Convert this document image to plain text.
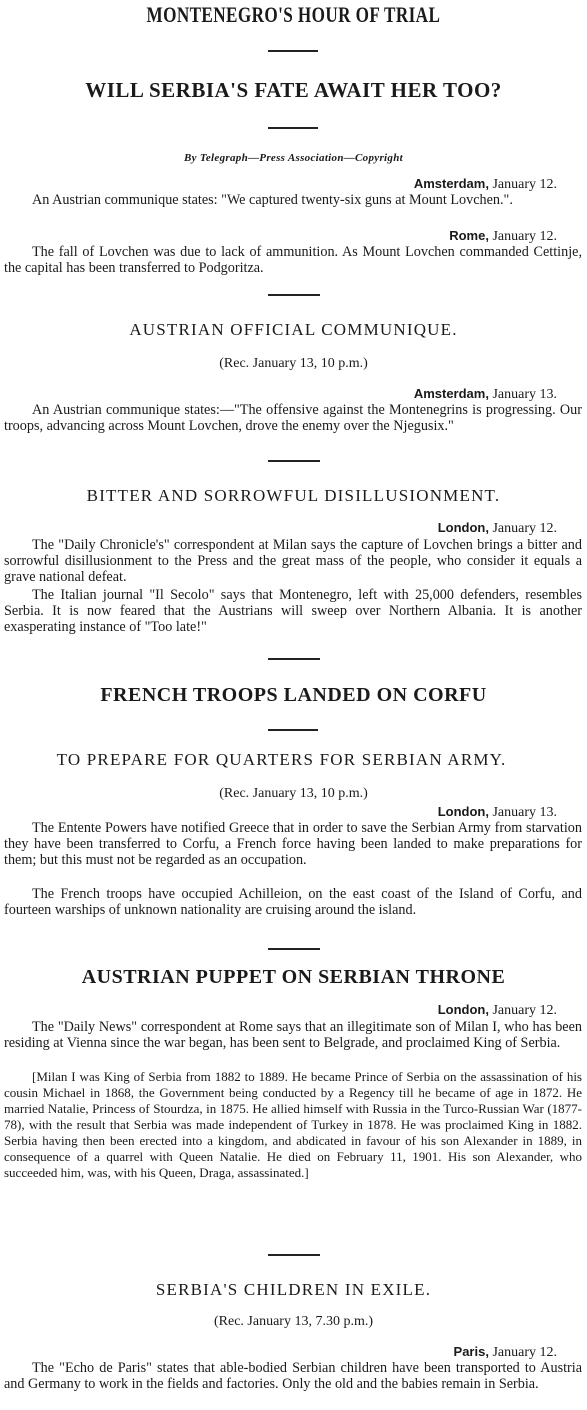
MONTENEGRO'S HOUR OF TRIAL
WILL SERBIA'S FATE AWAIT HER TOO?
By Telegraph—Press Association—Copyright
Amsterdam, January 12.
An Austrian communique states: "We captured twenty-six guns at Mount Lovchen.".
Rome, January 12.
The fall of Lovchen was due to lack of ammunition. As Mount Lovchen commanded Cettinje, the capital has been transferred to Podgoritza.
AUSTRIAN OFFICIAL COMMUNIQUE.
(Rec. January 13, 10 p.m.)
Amsterdam, January 13.
An Austrian communique states:—"The offensive against the Montenegrins is progressing. Our troops, advancing across Mount Lovchen, drove the enemy over the Njegusix."
BITTER AND SORROWFUL DISILLUSIONMENT.
London, January 12.
The "Daily Chronicle's" correspondent at Milan says the capture of Lovchen brings a bitter and sorrowful disillusionment to the Press and the great mass of the people, who consider it equals a grave national defeat.
The Italian journal "Il Secolo" says that Montenegro, left with 25,000 defenders, resembles Serbia. It is now feared that the Austrians will sweep over Northern Albania. It is another exasperating instance of "Too late!"
FRENCH TROOPS LANDED ON CORFU
TO PREPARE FOR QUARTERS FOR SERBIAN ARMY.
(Rec. January 13, 10 p.m.)
London, January 13.
The Entente Powers have notified Greece that in order to save the Serbian Army from starvation they have been transferred to Corfu, a French force having been landed to make preparations for them; but this must not be regarded as an occupation.
The French troops have occupied Achilleion, on the east coast of the Island of Corfu, and fourteen warships of unknown nationality are cruising around the island.
AUSTRIAN PUPPET ON SERBIAN THRONE
London, January 12.
The "Daily News" correspondent at Rome says that an illegitimate son of Milan I, who has been residing at Vienna since the war began, has been sent to Belgrade, and proclaimed King of Serbia.
[Milan I was King of Serbia from 1882 to 1889. He became Prince of Serbia on the assassination of his cousin Michael in 1868, the Government being conducted by a Regency till he became of age in 1872. He married Natalie, Princess of Stourdza, in 1875. He allied himself with Russia in the Turco-Russian War (1877-78), with the result that Serbia was made independent of Turkey in 1878. He was proclaimed King in 1882. Serbia having then been erected into a kingdom, and abdicated in favour of his son Alexander in 1889, in consequence of a quarrel with Queen Natalie. He died on February 11, 1901. His son Alexander, who succeeded him, was, with his Queen, Draga, assassinated.]
SERBIA'S CHILDREN IN EXILE.
(Rec. January 13, 7.30 p.m.)
Paris, January 12.
The "Echo de Paris" states that able-bodied Serbian children have been transported to Austria and Germany to work in the fields and factories. Only the old and the babies remain in Serbia.
